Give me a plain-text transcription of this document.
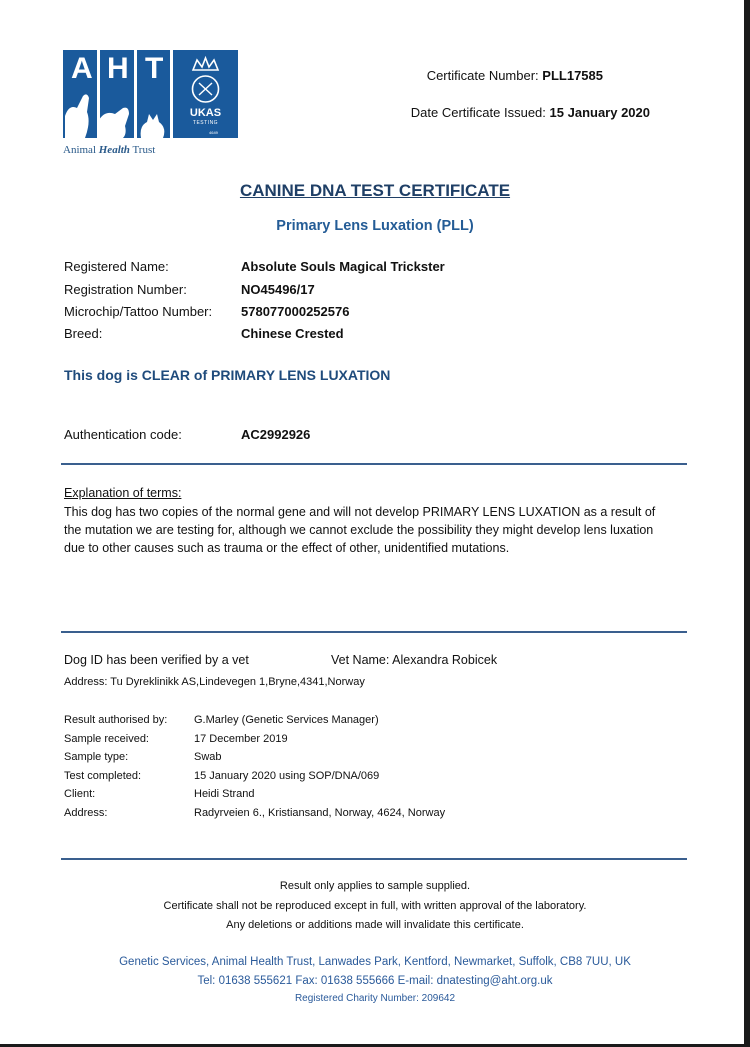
A H T
UKAS
TESTING
4649
Animal Health Trust
Certificate Number: PLL17585
Date Certificate Issued: 15 January 2020
CANINE DNA TEST CERTIFICATE
Primary Lens Luxation (PLL)
Registered Name:	Absolute Souls Magical Trickster
Registration Number:	NO45496/17
Microchip/Tattoo Number: 578077000252576
Breed:	Chinese Crested
This dog is CLEAR of PRIMARY LENS LUXATION
Authentication code:	AC2992926
Explanation of terms:
This dog has two copies of the normal gene and will not develop PRIMARY LENS LUXATION as a result of the mutation we are testing for, although we cannot exclude the possibility they might develop lens luxation due to other causes such as trauma or the effect of other, unidentified mutations.
Dog ID has been verified by a vet	Vet Name: Alexandra Robicek
Address: Tu Dyreklinikk AS,Lindevegen 1,Bryne,4341,Norway
Result authorised by: G.Marley (Genetic Services Manager)
Sample received:	17 December 2019
Sample type:	Swab
Test completed:	15 January 2020 using SOP/DNA/069
Client:	Heidi Strand
Address:	Radyrveien 6., Kristiansand, Norway, 4624, Norway
Result only applies to sample supplied.
Certificate shall not be reproduced except in full, with written approval of the laboratory.
Any deletions or additions made will invalidate this certificate.
Genetic Services, Animal Health Trust, Lanwades Park, Kentford, Newmarket, Suffolk, CB8 7UU, UK
Tel: 01638 555621 Fax: 01638 555666 E-mail: dnatesting@aht.org.uk
Registered Charity Number: 209642
